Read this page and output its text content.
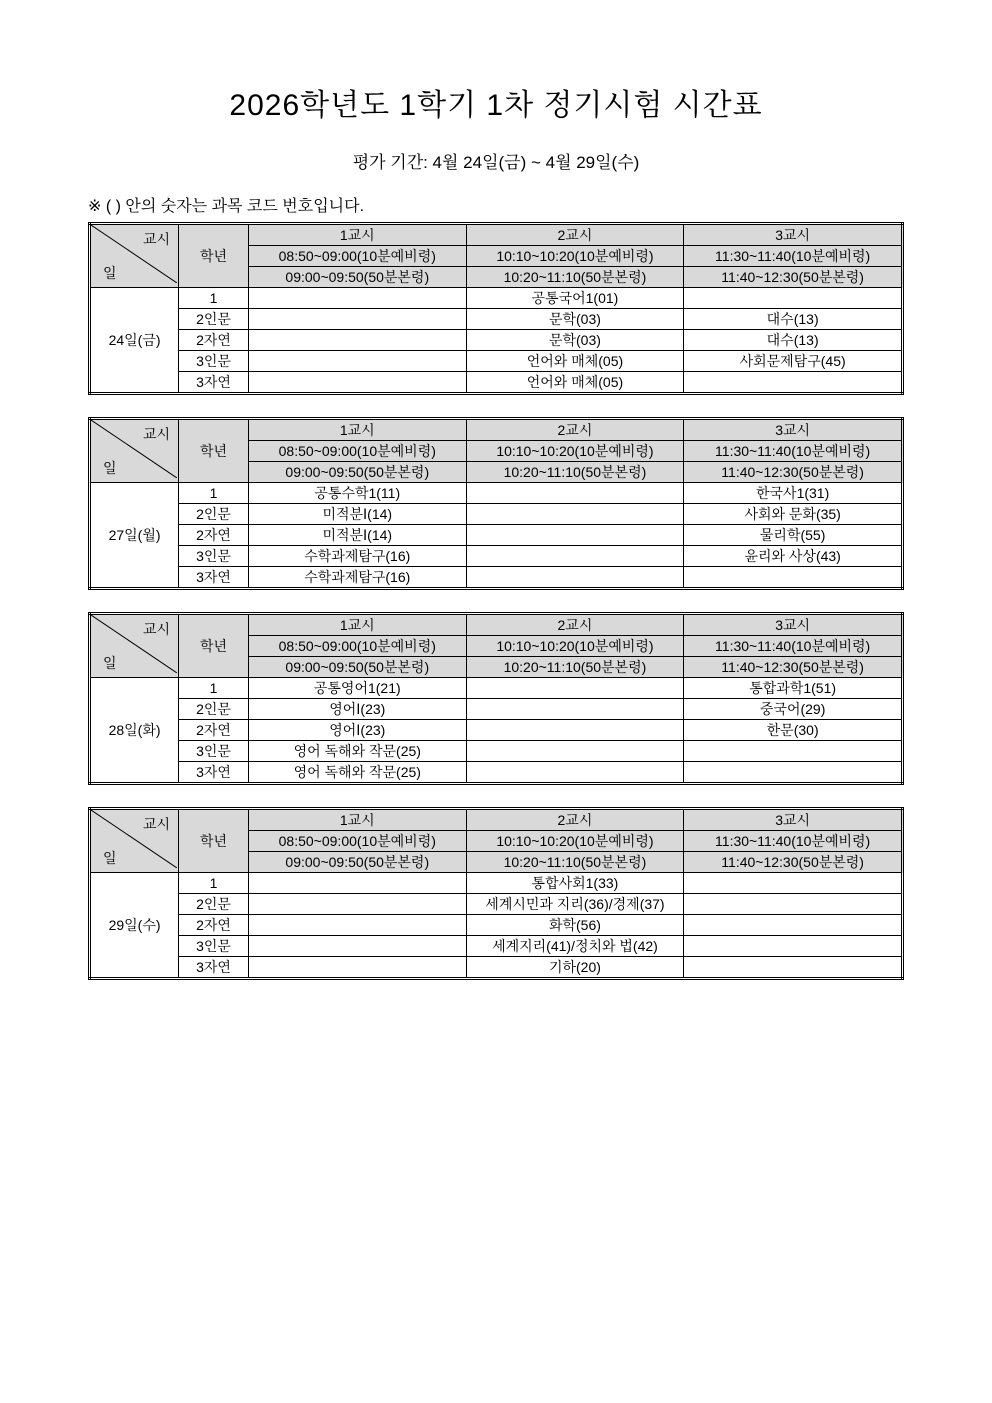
2026학년도 1학기 1차 정기시험 시간표
평가 기간: 4월 24일(금) ~ 4월 29일(수)
※ ( ) 안의 숫자는 과목 코드 번호입니다.
교시
일	학년	1교시	2교시	3교시
		08:50~09:00(10분예비령)	10:10~10:20(10분예비령)	11:30~11:40(10분예비령)
		09:00~09:50(50분본령)	10:20~11:10(50분본령)	11:40~12:30(50분본령)
24일(금)	1		공통국어1(01)	
	2인문		문학(03)	대수(13)
	2자연		문학(03)	대수(13)
	3인문		언어와 매체(05)	사회문제탐구(45)
	3자연		언어와 매체(05)	
교시
일	학년	1교시	2교시	3교시
		08:50~09:00(10분예비령)	10:10~10:20(10분예비령)	11:30~11:40(10분예비령)
		09:00~09:50(50분본령)	10:20~11:10(50분본령)	11:40~12:30(50분본령)
27일(월)	1	공통수학1(11)		한국사1(31)
	2인문	미적분Ⅰ(14)		사회와 문화(35)
	2자연	미적분Ⅰ(14)		물리학(55)
	3인문	수학과제탐구(16)		윤리와 사상(43)
	3자연	수학과제탐구(16)		
교시
일	학년	1교시	2교시	3교시
		08:50~09:00(10분예비령)	10:10~10:20(10분예비령)	11:30~11:40(10분예비령)
		09:00~09:50(50분본령)	10:20~11:10(50분본령)	11:40~12:30(50분본령)
28일(화)	1	공통영어1(21)		통합과학1(51)
	2인문	영어Ⅰ(23)		중국어(29)
	2자연	영어Ⅰ(23)		한문(30)
	3인문	영어 독해와 작문(25)		
	3자연	영어 독해와 작문(25)		
교시
일	학년	1교시	2교시	3교시
		08:50~09:00(10분예비령)	10:10~10:20(10분예비령)	11:30~11:40(10분예비령)
		09:00~09:50(50분본령)	10:20~11:10(50분본령)	11:40~12:30(50분본령)
29일(수)	1		통합사회1(33)	
	2인문		세계시민과 지리(36)/경제(37)	
	2자연		화학(56)	
	3인문		세계지리(41)/정치와 법(42)	
	3자연		기하(20)	
